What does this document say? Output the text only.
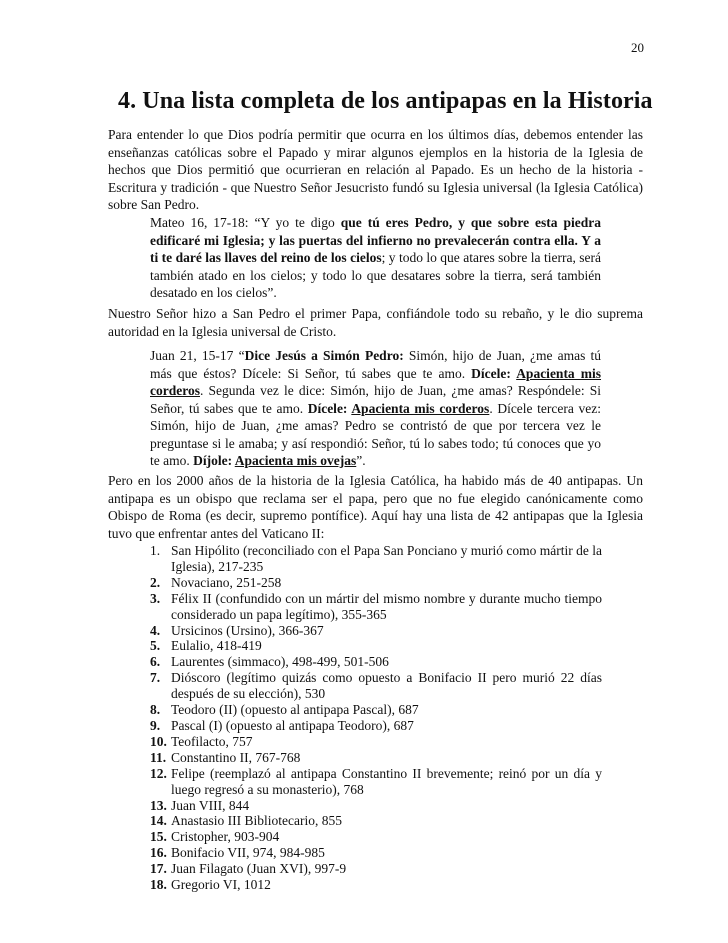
20
4. Una lista completa de los antipapas en la Historia

Para entender lo que Dios podría permitir que ocurra en los últimos días, debemos entender las enseñanzas católicas sobre el Papado y mirar algunos ejemplos en la historia de la Iglesia de hechos que Dios permitió que ocurrieran en relación al Papado. Es un hecho de la historia - Escritura y tradición - que Nuestro Señor Jesucristo fundó su Iglesia universal (la Iglesia Católica) sobre San Pedro.

Mateo 16, 17-18: “Y yo te digo que tú eres Pedro, y que sobre esta piedra edificaré mi Iglesia; y las puertas del infierno no prevalecerán contra ella. Y a ti te daré las llaves del reino de los cielos; y todo lo que atares sobre la tierra, será también atado en los cielos; y todo lo que desatares sobre la tierra, será también desatado en los cielos”.

Nuestro Señor hizo a San Pedro el primer Papa, confiándole todo su rebaño, y le dio suprema autoridad en la Iglesia universal de Cristo.

Juan 21, 15-17 “Dice Jesús a Simón Pedro: Simón, hijo de Juan, ¿me amas tú más que éstos? Dícele: Si Señor, tú sabes que te amo. Dícele: Apacienta mis corderos. Segunda vez le dice: Simón, hijo de Juan, ¿me amas? Respóndele: Si Señor, tú sabes que te amo. Dícele: Apacienta mis corderos. Dícele tercera vez: Simón, hijo de Juan, ¿me amas? Pedro se contristó de que por tercera vez le preguntase si le amaba; y así respondió: Señor, tú lo sabes todo; tú conoces que yo te amo. Díjole: Apacienta mis ovejas”.

Pero en los 2000 años de la historia de la Iglesia Católica, ha habido más de 40 antipapas. Un antipapa es un obispo que reclama ser el papa, pero que no fue elegido canónicamente como Obispo de Roma (es decir, supremo pontífice). Aquí hay una lista de 42 antipapas que la Iglesia tuvo que enfrentar antes del Vaticano II:

1. San Hipólito (reconciliado con el Papa San Ponciano y murió como mártir de la Iglesia), 217-235
2. Novaciano, 251-258
3. Félix II (confundido con un mártir del mismo nombre y durante mucho tiempo considerado un papa legítimo), 355-365
4. Ursicinos (Ursino), 366-367
5. Eulalio, 418-419
6. Laurentes (simmaco), 498-499, 501-506
7. Dióscoro (legítimo quizás como opuesto a Bonifacio II pero murió 22 días después de su elección), 530
8. Teodoro (II) (opuesto al antipapa Pascal), 687
9. Pascal (I) (opuesto al antipapa Teodoro), 687
10. Teofilacto, 757
11. Constantino II, 767-768
12. Felipe (reemplazó al antipapa Constantino II brevemente; reinó por un día y luego regresó a su monasterio), 768
13. Juan VIII, 844
14. Anastasio III Bibliotecario, 855
15. Cristopher, 903-904
16. Bonifacio VII, 974, 984-985
17. Juan Filagato (Juan XVI), 997-9
18. Gregorio VI, 1012
